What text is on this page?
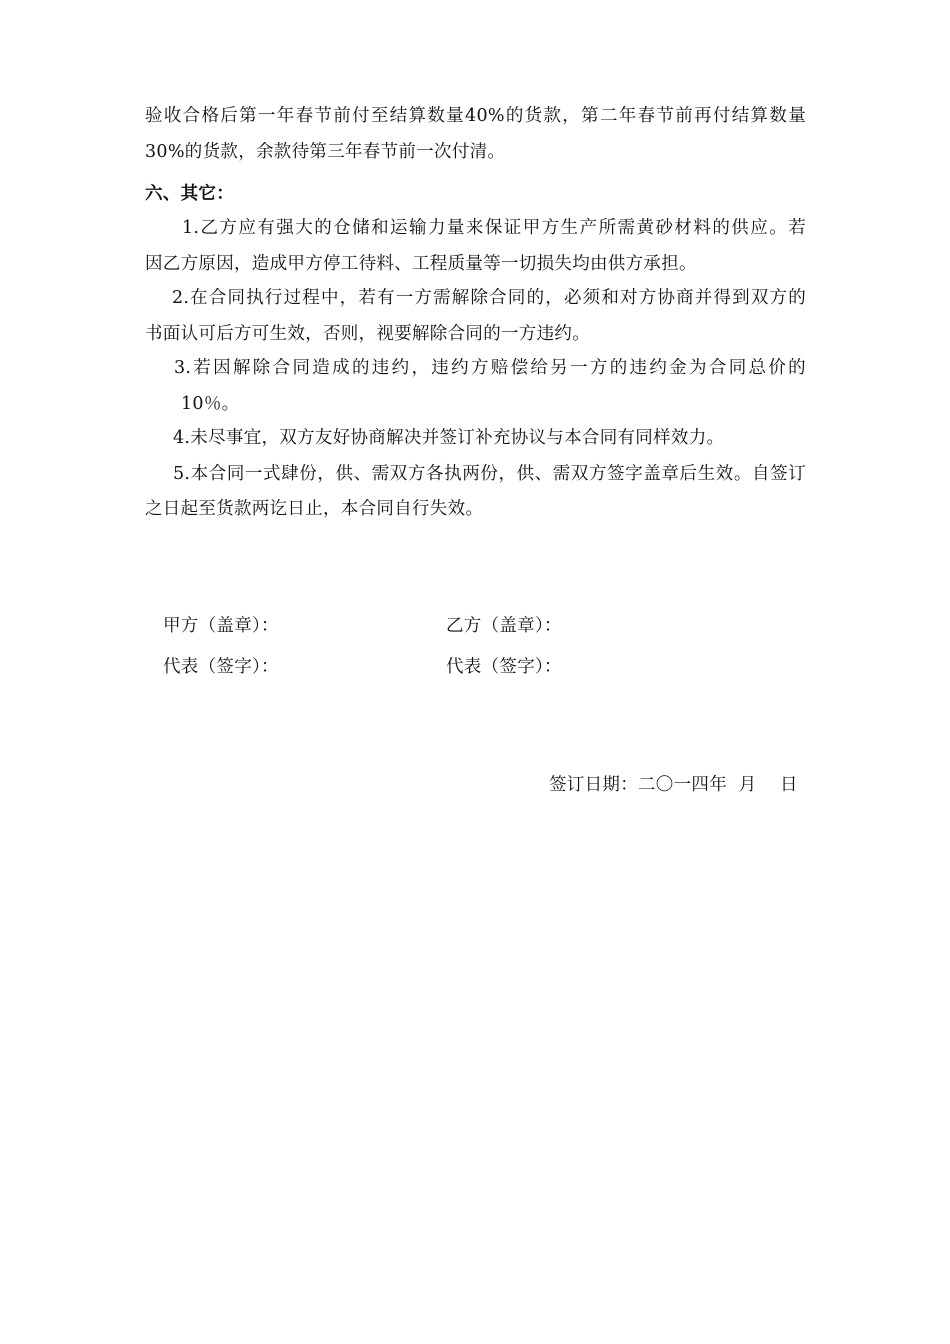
验收合格后第一年春节前付至结算数量40%的货款，第二年春节前再付结算数量
30%的货款，余款待第三年春节前一次付清。
六、其它：
1.乙方应有强大的仓储和运输力量来保证甲方生产所需黄砂材料的供应。若
因乙方原因，造成甲方停工待料、工程质量等一切损失均由供方承担。
2.在合同执行过程中，若有一方需解除合同的，必须和对方协商并得到双方的
书面认可后方可生效，否则，视要解除合同的一方违约。
3.若因解除合同造成的违约，违约方赔偿给另一方的违约金为合同总价的
10％。
4.未尽事宜，双方友好协商解决并签订补充协议与本合同有同样效力。
5.本合同一式肆份，供、需双方各执两份，供、需双方签字盖章后生效。自签订
之日起至货款两讫日止，本合同自行失效。
甲方（盖章）：	乙方（盖章）：
代表（签字）：	代表（签字）：
签订日期：二〇一四年  月    日
